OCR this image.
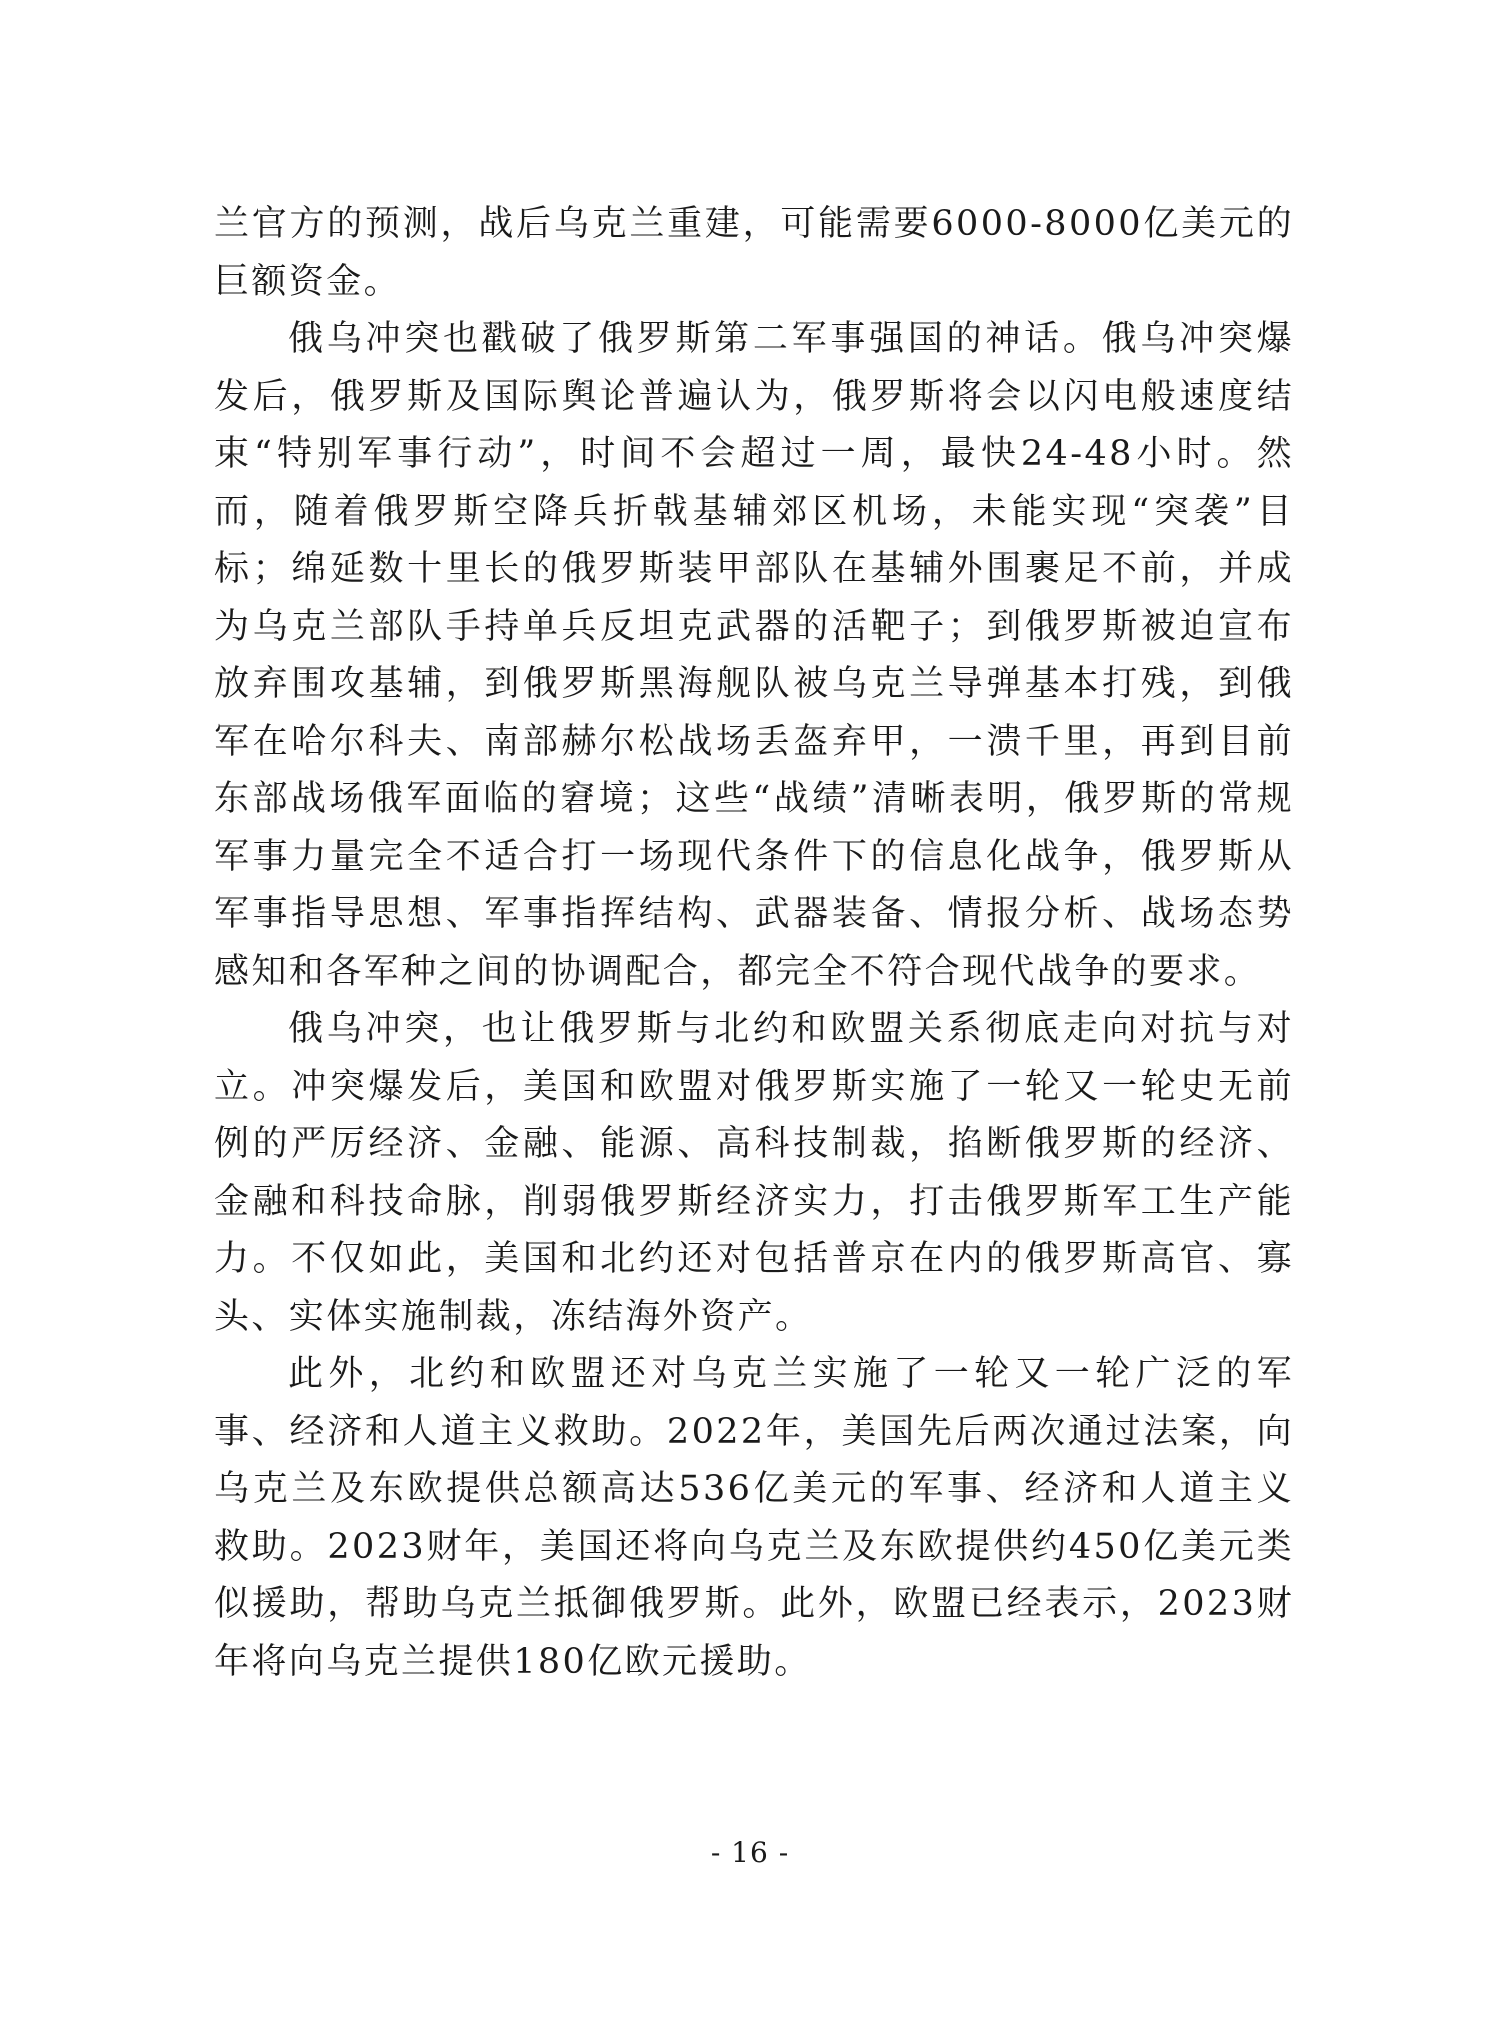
兰官方的预测，战后乌克兰重建，可能需要6000-8000亿美元的巨额资金。

俄乌冲突也戳破了俄罗斯第二军事强国的神话。俄乌冲突爆发后，俄罗斯及国际舆论普遍认为，俄罗斯将会以闪电般速度结束“特别军事行动”，时间不会超过一周，最快24-48小时。然而，随着俄罗斯空降兵折戟基辅郊区机场，未能实现“突袭”目标；绵延数十里长的俄罗斯装甲部队在基辅外围裹足不前，并成为乌克兰部队手持单兵反坦克武器的活靶子；到俄罗斯被迫宣布放弃围攻基辅，到俄罗斯黑海舰队被乌克兰导弹基本打残，到俄军在哈尔科夫、南部赫尔松战场丢盔弃甲，一溃千里，再到目前东部战场俄军面临的窘境；这些“战绩”清晰表明，俄罗斯的常规军事力量完全不适合打一场现代条件下的信息化战争，俄罗斯从军事指导思想、军事指挥结构、武器装备、情报分析、战场态势感知和各军种之间的协调配合，都完全不符合现代战争的要求。

俄乌冲突，也让俄罗斯与北约和欧盟关系彻底走向对抗与对立。冲突爆发后，美国和欧盟对俄罗斯实施了一轮又一轮史无前例的严厉经济、金融、能源、高科技制裁，掐断俄罗斯的经济、金融和科技命脉，削弱俄罗斯经济实力，打击俄罗斯军工生产能力。不仅如此，美国和北约还对包括普京在内的俄罗斯高官、寡头、实体实施制裁，冻结海外资产。

此外，北约和欧盟还对乌克兰实施了一轮又一轮广泛的军事、经济和人道主义救助。2022年，美国先后两次通过法案，向乌克兰及东欧提供总额高达536亿美元的军事、经济和人道主义救助。2023财年，美国还将向乌克兰及东欧提供约450亿美元类似援助，帮助乌克兰抵御俄罗斯。此外，欧盟已经表示，2023财年将向乌克兰提供180亿欧元援助。

- 16 -
